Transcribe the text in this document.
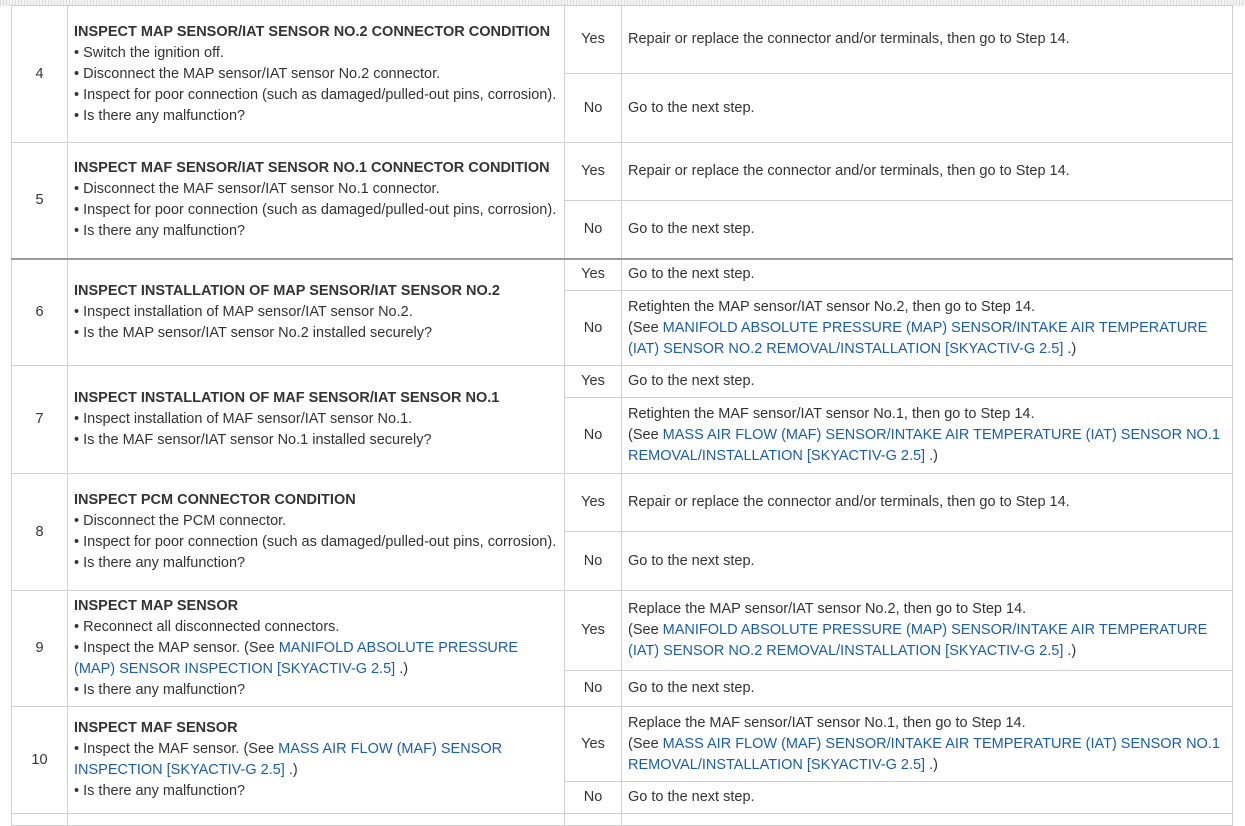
4	INSPECT MAP SENSOR/IAT SENSOR NO.2 CONNECTOR CONDITION
• Switch the ignition off.
• Disconnect the MAP sensor/IAT sensor No.2 connector.
• Inspect for poor connection (such as damaged/pulled-out pins, corrosion).
• Is there any malfunction?	Yes	Repair or replace the connector and/or terminals, then go to Step 14.
		No	Go to the next step.
5	INSPECT MAF SENSOR/IAT SENSOR NO.1 CONNECTOR CONDITION
• Disconnect the MAF sensor/IAT sensor No.1 connector.
• Inspect for poor connection (such as damaged/pulled-out pins, corrosion).
• Is there any malfunction?	Yes	Repair or replace the connector and/or terminals, then go to Step 14.
		No	Go to the next step.
6	INSPECT INSTALLATION OF MAP SENSOR/IAT SENSOR NO.2
• Inspect installation of MAP sensor/IAT sensor No.2.
• Is the MAP sensor/IAT sensor No.2 installed securely?	Yes	Go to the next step.
		No	Retighten the MAP sensor/IAT sensor No.2, then go to Step 14.
(See MANIFOLD ABSOLUTE PRESSURE (MAP) SENSOR/INTAKE AIR TEMPERATURE (IAT) SENSOR NO.2 REMOVAL/INSTALLATION [SKYACTIV-G 2.5] .)

7	INSPECT INSTALLATION OF MAF SENSOR/IAT SENSOR NO.1
• Inspect installation of MAF sensor/IAT sensor No.1.
• Is the MAF sensor/IAT sensor No.1 installed securely?	Yes	Go to the next step.
		No	Retighten the MAF sensor/IAT sensor No.1, then go to Step 14.
(See MASS AIR FLOW (MAF) SENSOR/INTAKE AIR TEMPERATURE (IAT) SENSOR NO.1 REMOVAL/INSTALLATION [SKYACTIV-G 2.5] .)

8	INSPECT PCM CONNECTOR CONDITION
• Disconnect the PCM connector.
• Inspect for poor connection (such as damaged/pulled-out pins, corrosion).
• Is there any malfunction?	Yes	Repair or replace the connector and/or terminals, then go to Step 14.
		No	Go to the next step.
9	INSPECT MAP SENSOR
• Reconnect all disconnected connectors.
• Inspect the MAP sensor. (See MANIFOLD ABSOLUTE PRESSURE (MAP) SENSOR INSPECTION [SKYACTIV-G 2.5] .)
• Is there any malfunction?	Yes	Replace the MAP sensor/IAT sensor No.2, then go to Step 14.
(See MANIFOLD ABSOLUTE PRESSURE (MAP) SENSOR/INTAKE AIR TEMPERATURE (IAT) SENSOR NO.2 REMOVAL/INSTALLATION [SKYACTIV-G 2.5] .)

		No	Go to the next step.
10	INSPECT MAF SENSOR
• Inspect the MAF sensor. (See MASS AIR FLOW (MAF) SENSOR INSPECTION [SKYACTIV-G 2.5] .)
• Is there any malfunction?	Yes	Replace the MAF sensor/IAT sensor No.1, then go to Step 14.
(See MASS AIR FLOW (MAF) SENSOR/INTAKE AIR TEMPERATURE (IAT) SENSOR NO.1 REMOVAL/INSTALLATION [SKYACTIV-G 2.5] .)

		No	Go to the next step.
